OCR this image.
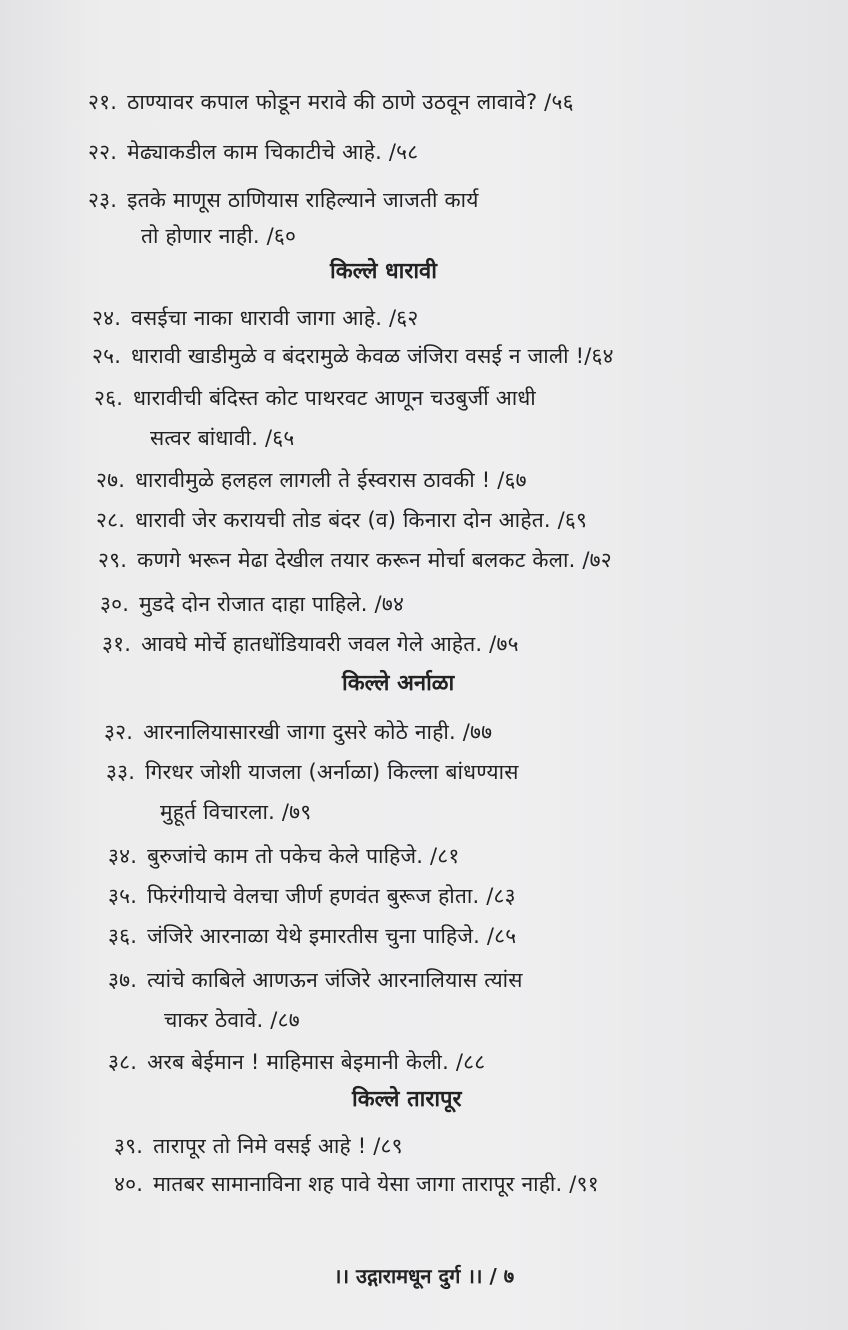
२१. ठाण्यावर कपाल फोडून मरावे की ठाणे उठवून लावावे? /५६
२२. मेढ्याकडील काम चिकाटीचे आहे. /५८
२३. इतके माणूस ठाणियास राहिल्याने जाजती कार्य
तो होणार नाही. /६०
किल्ले धारावी
२४. वसईचा नाका धारावी जागा आहे. /६२
२५. धारावी खाडीमुळे व बंदरामुळे केवळ जंजिरा वसई न जाली !/६४
२६. धारावीची बंदिस्त कोट पाथरवट आणून चउबुर्जी आधी
सत्वर बांधावी. /६५
२७. धारावीमुळे हलहल लागली ते ईस्वरास ठावकी ! /६७
२८. धारावी जेर करायची तोड बंदर (व) किनारा दोन आहेत. /६९
२९. कणगे भरून मेढा देखील तयार करून मोर्चा बलकट केला. /७२
३०. मुडदे दोन रोजात दाहा पाहिले. /७४
३१. आवघे मोर्चे हातधोंडियावरी जवल गेले आहेत. /७५
किल्ले अर्नाळा
३२. आरनालियासारखी जागा दुसरे कोठे नाही. /७७
३३. गिरधर जोशी याजला (अर्नाळा) किल्ला बांधण्यास
मुहूर्त विचारला. /७९
३४. बुरुजांचे काम तो पकेच केले पाहिजे. /८१
३५. फिरंगीयाचे वेलचा जीर्ण हणवंत बुरूज होता. /८३
३६. जंजिरे आरनाळा येथे इमारतीस चुना पाहिजे. /८५
३७. त्यांचे काबिले आणऊन जंजिरे आरनालियास त्यांस
चाकर ठेवावे. /८७
३८. अरब बेईमान ! माहिमास बेइमानी केली. /८८
किल्ले तारापूर
३९. तारापूर तो निमे वसई आहे ! /८९
४०. मातबर सामानाविना शह पावे येसा जागा तारापूर नाही. /९१
।। उद्गारामधून दुर्ग ।। / ७
